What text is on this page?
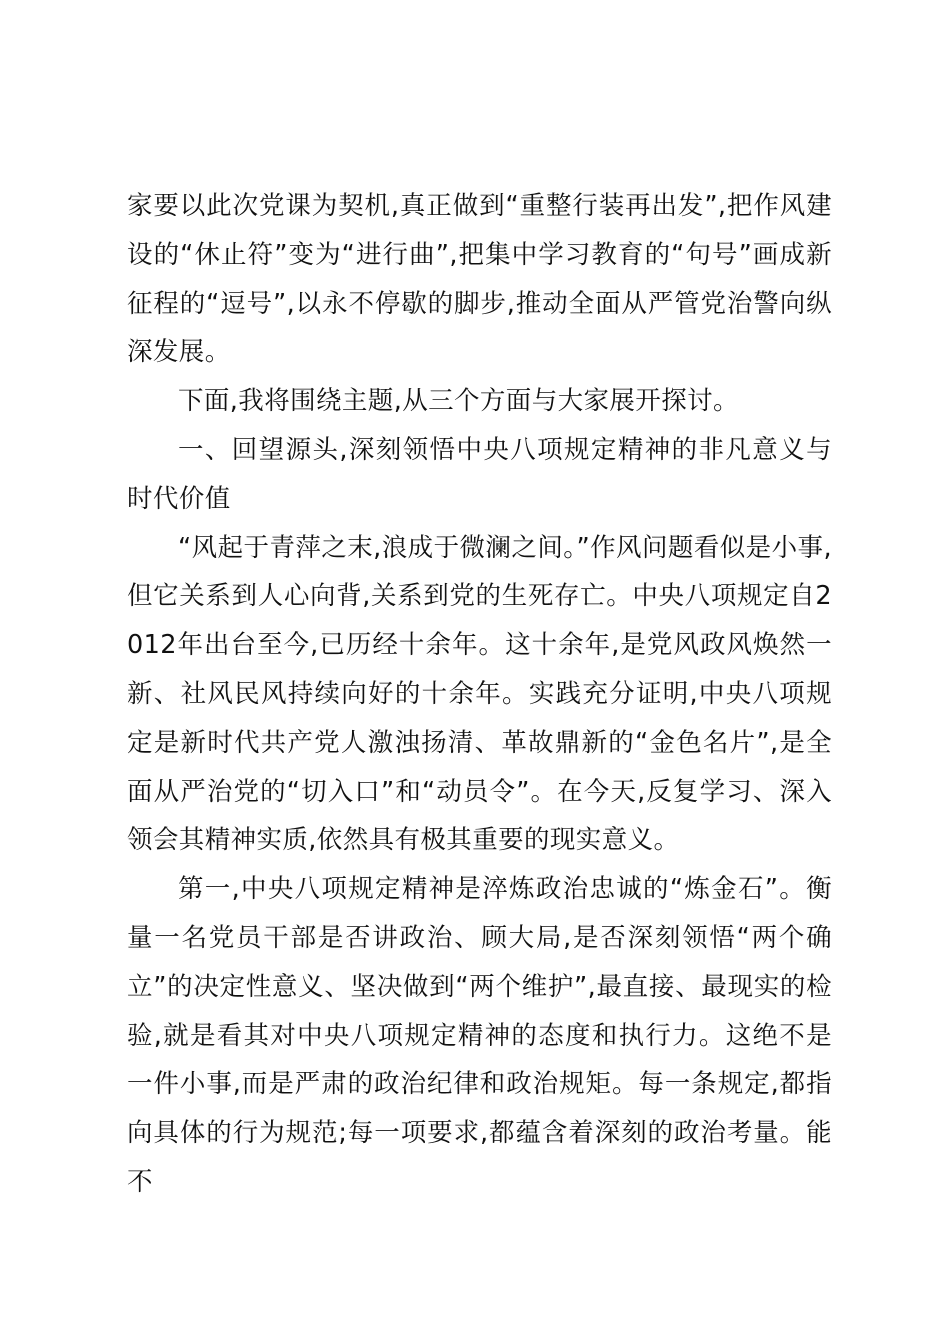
家要以此次党课为契机,真正做到“重整行装再出发”,把作风建设的“休止符”变为“进行曲”,把集中学习教育的“句号”画成新征程的“逗号”,以永不停歇的脚步,推动全面从严管党治警向纵深发展。

下面,我将围绕主题,从三个方面与大家展开探讨。

一、回望源头,深刻领悟中央八项规定精神的非凡意义与时代价值

“风起于青萍之末,浪成于微澜之间。”作风问题看似是小事,但它关系到人心向背,关系到党的生死存亡。中央八项规定自2012年出台至今,已历经十余年。这十余年,是党风政风焕然一新、社风民风持续向好的十余年。实践充分证明,中央八项规定是新时代共产党人激浊扬清、革故鼎新的“金色名片”,是全面从严治党的“切入口”和“动员令”。在今天,反复学习、深入领会其精神实质,依然具有极其重要的现实意义。

第一,中央八项规定精神是淬炼政治忠诚的“炼金石”。衡量一名党员干部是否讲政治、顾大局,是否深刻领悟“两个确立”的决定性意义、坚决做到“两个维护”,最直接、最现实的检验,就是看其对中央八项规定精神的态度和执行力。这绝不是一件小事,而是严肃的政治纪律和政治规矩。每一条规定,都指向具体的行为规范;每一项要求,都蕴含着深刻的政治考量。能不
